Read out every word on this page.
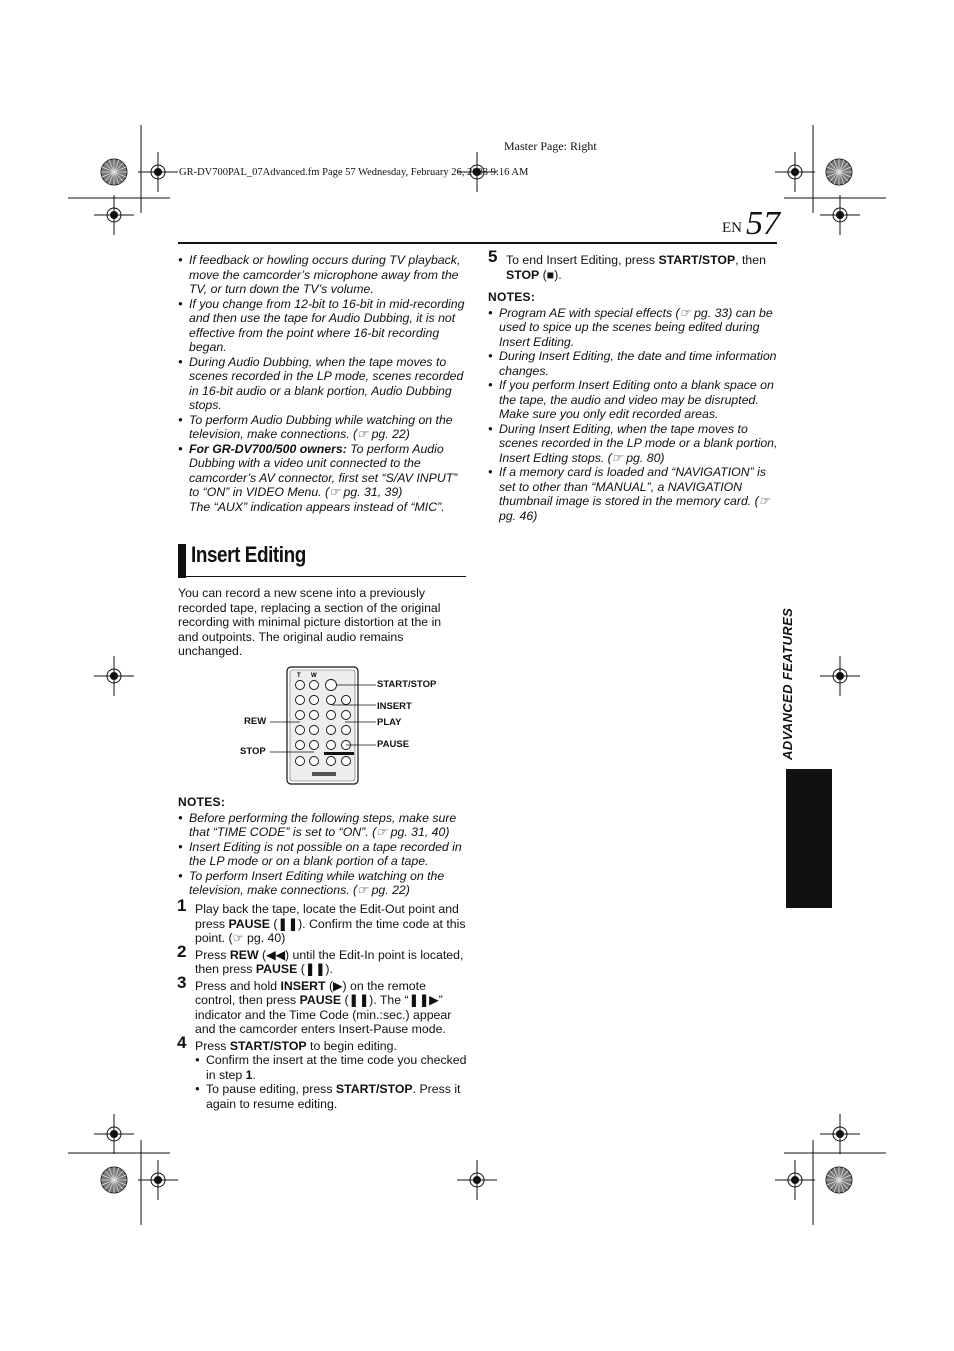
Master Page: Right
GR-DV700PAL_07Advanced.fm Page 57 Wednesday, February 26, 2003 9:16 AM
EN 57
● If feedback or howling occurs during TV playback, move the camcorder’s microphone away from the TV, or turn down the TV’s volume.
● If you change from 12-bit to 16-bit in mid-recording and then use the tape for Audio Dubbing, it is not effective from the point where 16-bit recording began.
● During Audio Dubbing, when the tape moves to scenes recorded in the LP mode, scenes recorded in 16-bit audio or a blank portion, Audio Dubbing stops.
● To perform Audio Dubbing while watching on the television, make connections. (☞ pg. 22)
● For GR-DV700/500 owners: To perform Audio Dubbing with a video unit connected to the camcorder’s AV connector, first set “S/AV INPUT” to “ON” in VIDEO Menu. (☞ pg. 31, 39)
The “AUX” indication appears instead of “MIC”.
Insert Editing
You can record a new scene into a previously recorded tape, replacing a section of the original recording with minimal picture distortion at the in and outpoints. The original audio remains unchanged.
T W
START/STOP
INSERT
PLAY
PAUSE
REW
STOP
NOTES:
● Before performing the following steps, make sure that “TIME CODE” is set to “ON”. (☞ pg. 31, 40)
● Insert Editing is not possible on a tape recorded in the LP mode or on a blank portion of a tape.
● To perform Insert Editing while watching on the television, make connections. (☞ pg. 22)
1 Play back the tape, locate the Edit-Out point and press PAUSE (❚❚). Confirm the time code at this point. (☞ pg. 40)
2 Press REW (◀◀) until the Edit-In point is located, then press PAUSE (❚❚).
3 Press and hold INSERT (▶) on the remote control, then press PAUSE (❚❚). The “❚❚▶” indicator and the Time Code (min.:sec.) appear and the camcorder enters Insert-Pause mode.
4 Press START/STOP to begin editing.
● Confirm the insert at the time code you checked in step 1.
● To pause editing, press START/STOP. Press it again to resume editing.
5 To end Insert Editing, press START/STOP, then STOP (■).
NOTES:
● Program AE with special effects (☞ pg. 33) can be used to spice up the scenes being edited during Insert Editing.
● During Insert Editing, the date and time information changes.
● If you perform Insert Editing onto a blank space on the tape, the audio and video may be disrupted. Make sure you only edit recorded areas.
● During Insert Editing, when the tape moves to scenes recorded in the LP mode or a blank portion, Insert Edting stops. (☞ pg. 80)
● If a memory card is loaded and “NAVIGATION” is set to other than “MANUAL”, a NAVIGATION thumbnail image is stored in the memory card. (☞ pg. 46)
ADVANCED FEATURES
